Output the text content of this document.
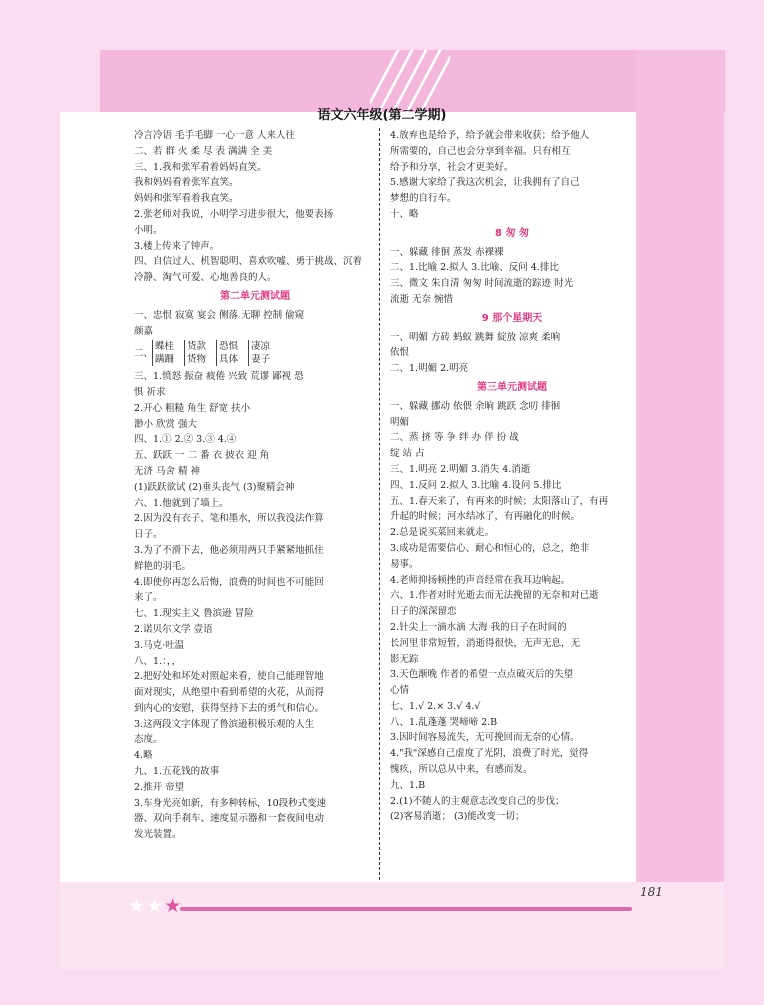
★★★
181
语文六年级(第二学期)
冷言冷语 毛手毛脚 一心一意 人来人往
二、若 群 火 柔 尽 表 满满 全 美
三、1.我和张军看着妈妈直笑。
我和妈妈看着张军直笑。
妈妈和张军看着我直笑。
2.张老师对我说，小明学习进步很大，他要表扬
小明。
3.楼上传来了钟声。
四、自信过人、机智聪明、喜欢吹嘘、勇于挑战、沉着
冷静、淘气可爱、心地善良的人。
第二单元测试题
一、忠恨 寂寞 宴会 侧落 无聊 控制 偷窥
颜嘉
二、
蝶桂
蹒跚
货款
货物
恐惧
具体
凄凉
妻子
三、1.愤怒 振奋 疲倦 兴致 荒谬 鄙视 恐
惧 祈求
2.开心 粗糙 角生 舒宽 扶小
渺小 欣赏 强大
四、1.① 2.② 3.③ 4.④
五、跃跃 一 二 番 衣 披衣 迎 角
无济 马舍 精 神
(1)跃跃欲试 (2)垂头丧气 (3)聚精会神
六、1.他就到了墙上。
2.因为没有衣子、笔和墨水，所以我没法作算
日子。
3.为了不滑下去，他必须用两只手紧紧地抓住
鲜艳的羽毛。
4.即使你再怎么后悔，浪费的时间也不可能回
来了。
七、1.现实主义 鲁滨逊 冒险
2.诺贝尔文学 壹语
3.马克·吐温
八、1.：，，
2.把好处和坏处对照起来看，使自己能理智地
面对现实，从绝望中看到希望的火花，从而得
到内心的安慰，获得坚持下去的勇气和信心。
3.这两段文字体现了鲁滨逊积极乐观的人生
态度。
4.略
九、1.五花钱的故事
2.推开 帝望
3.车身光亮如新，有多种转标，10段秒式变速
器、双向手刹车、速度显示器和一套夜间电动
发光装置。
4.放弃也是给予，给予就会带来收获；给予他人
所需要的，自己也会分享到幸福。只有相互
给予和分享，社会才更美好。
5.感谢大家给了我这次机会，让我拥有了自己
梦想的自行车。
十、略
8 匆 匆
一、躲藏 徘徊 蒸发 赤裸裸
二、1.比喻 2.拟人 3.比喻、反问 4.排比
三、微文 朱自清 匆匆 时间流逝的踪迹 时光
流逝 无奈 惋惜
9 那个星期天
一、明媚 方砖 蚂蚁 跳舞 綻放 凉爽 柔响
依恨
二、1.明媚 2.明亮
第三单元测试题
一、躲藏 挪动 依偎 余晌 跳跃 念叨 徘徊
明媚
二、蒸 挤 等 争 绊 办 伴 扮 战
绽 站 占
三、1.明亮 2.明媚 3.消失 4.消逝
四、1.反问 2.拟人 3.比喻 4.设问 5.排比
五、1.春天来了，有再来的时候；太阳落山了，有再
升起的时候；河水结冰了，有再融化的时候。
2.总是说买菜回来就走。
3.成功是需要信心、耐心和恒心的，总之，绝非
易事。
4.老师抑扬顿挫的声音经常在我耳边响起。
六、1.作者对时光逝去而无法挽留的无奈和对已逝
日子的深深留恋
2.针尖上一滴水滴 大海 我的日子在时间的
长河里非常短暂，消逝得很快，无声无息，无
影无踪
3.天色渐晚 作者的希望一点点破灭后的失望
心情
七、1.√ 2.× 3.√ 4.√
八、1.乱蓬蓬 哭啼啼 2.B
3.因时间容易流失，无可挽回而无奈的心情。
4."我"深感自己虚度了光阴，浪费了时光，觉得
愧疚，所以总从中来，有感而发。
九、1.B
2.(1)不随人的主观意志改变自己的步伐；
(2)客易消逝； (3)能改变一切；
